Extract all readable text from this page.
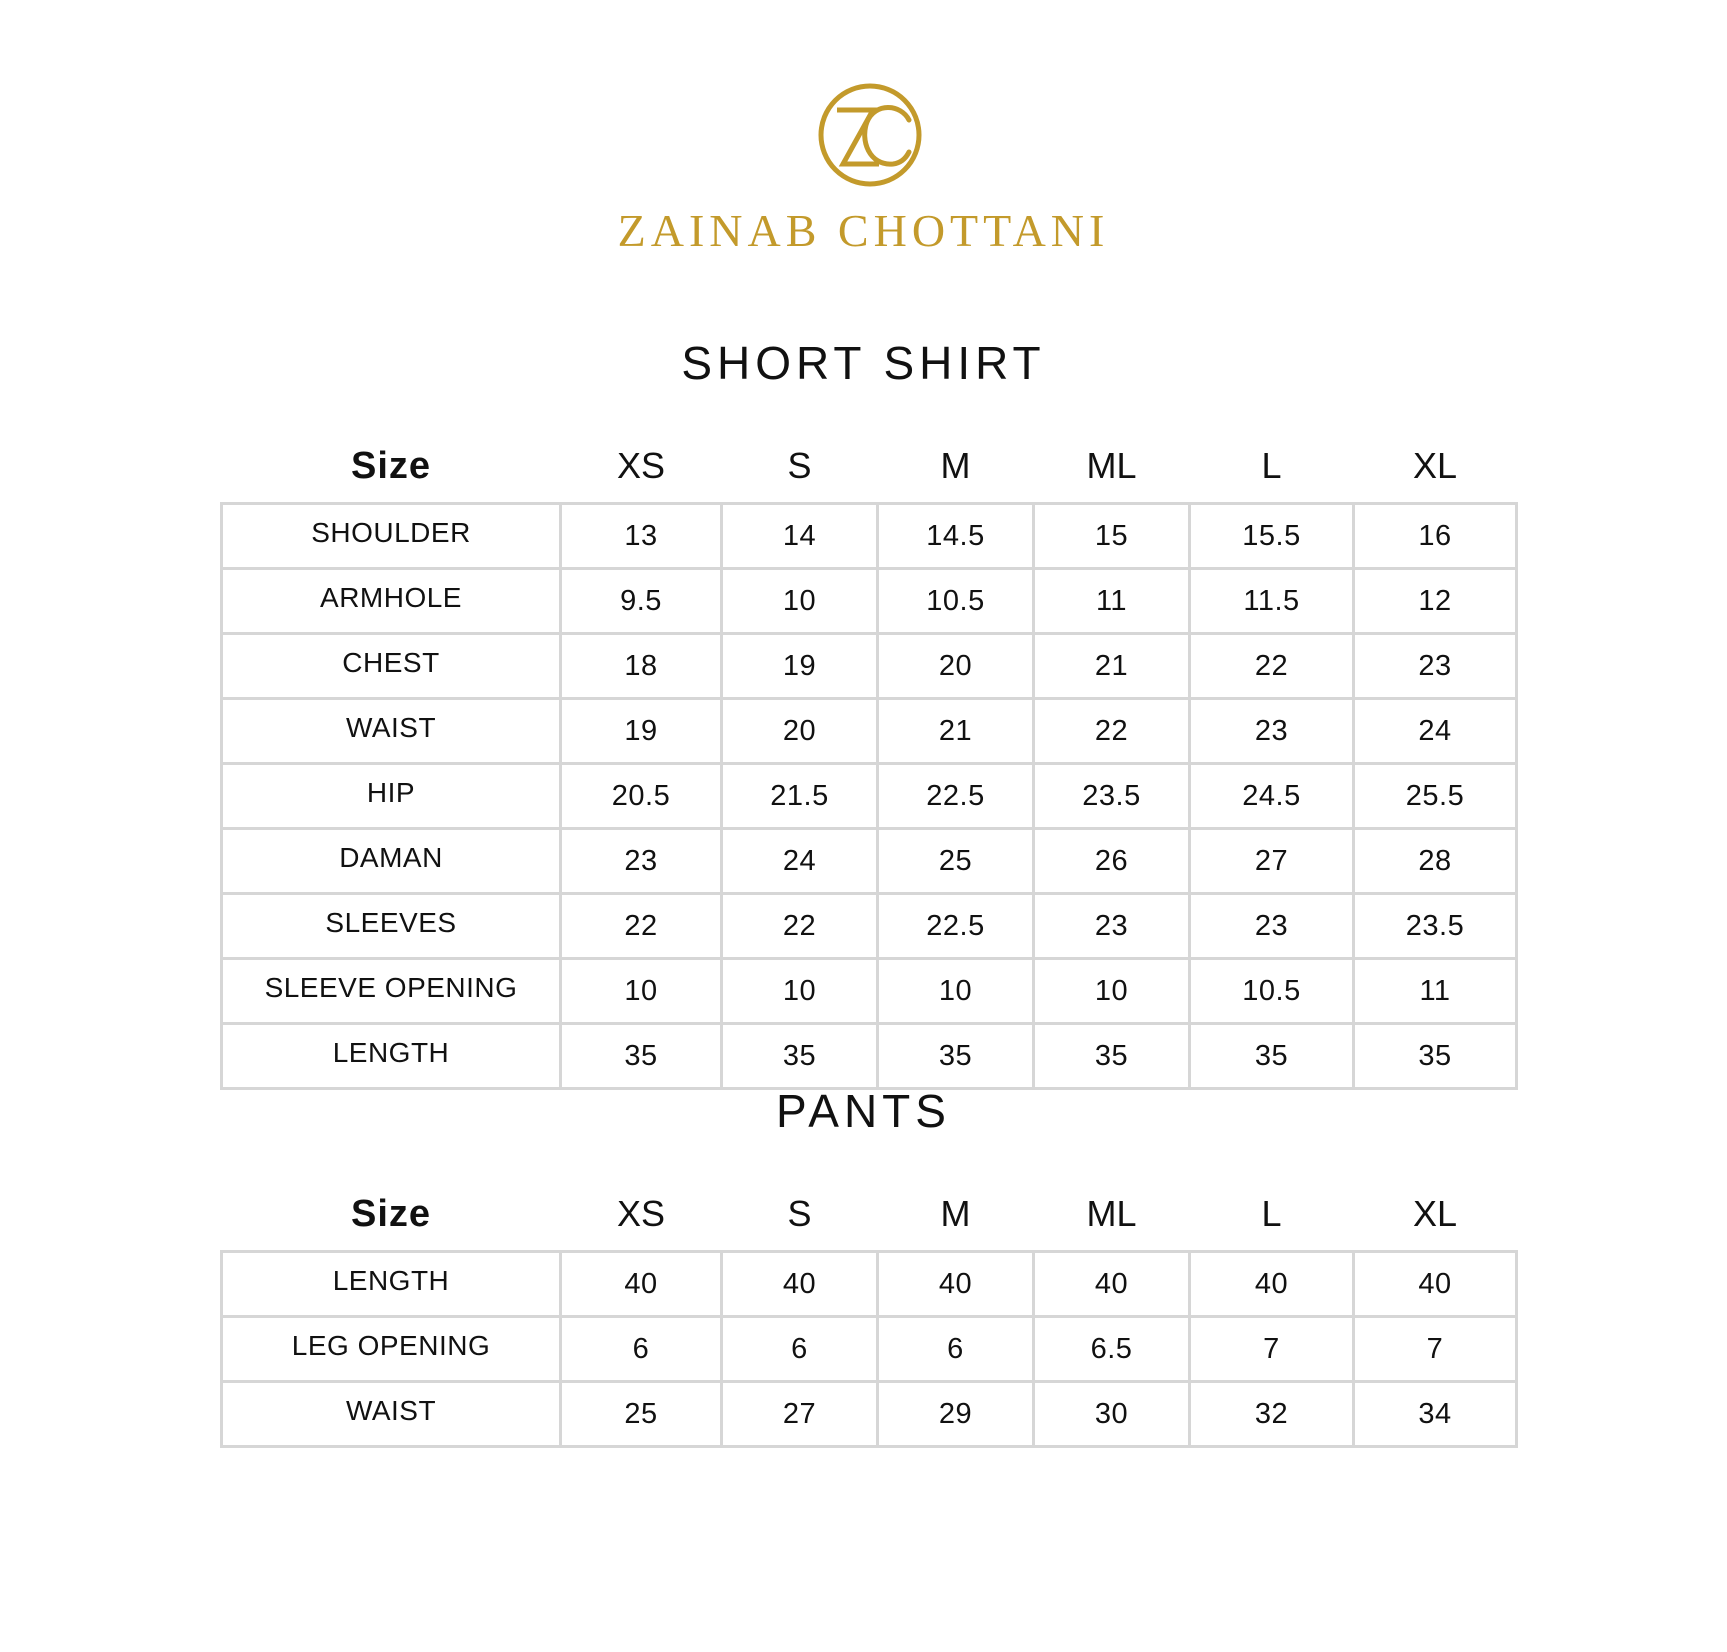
ZAINAB CHOTTANI
SHORT SHIRT
Size	XS	S	M	ML	L	XL
SHOULDER	13	14	14.5	15	15.5	16
ARMHOLE	9.5	10	10.5	11	11.5	12
CHEST	18	19	20	21	22	23
WAIST	19	20	21	22	23	24
HIP	20.5	21.5	22.5	23.5	24.5	25.5
DAMAN	23	24	25	26	27	28
SLEEVES	22	22	22.5	23	23	23.5
SLEEVE OPENING	10	10	10	10	10.5	11
LENGTH	35	35	35	35	35	35
PANTS
Size	XS	S	M	ML	L	XL
LENGTH	40	40	40	40	40	40
LEG OPENING	6	6	6	6.5	7	7
WAIST	25	27	29	30	32	34
